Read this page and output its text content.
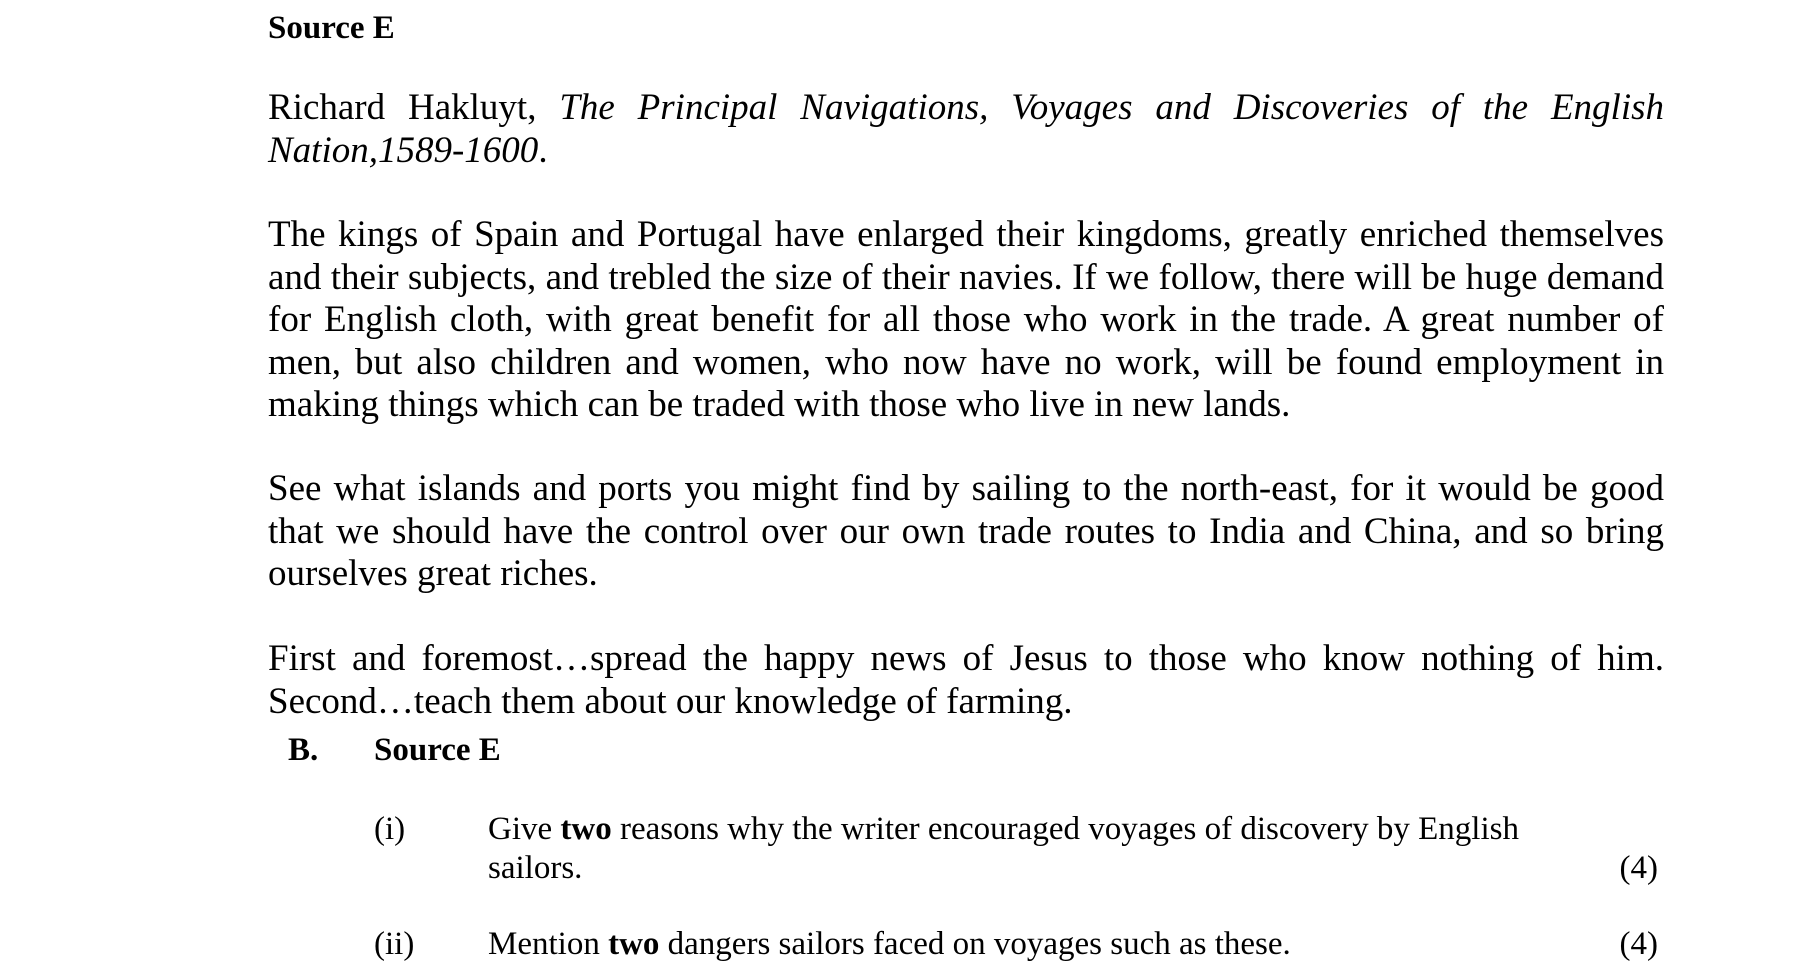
Source E
Richard Hakluyt, The Principal Navigations, Voyages and Discoveries of the English Nation,1589-1600.
The kings of Spain and Portugal have enlarged their kingdoms, greatly enriched themselves and their subjects, and trebled the size of their navies. If we follow, there will be huge demand for English cloth, with great benefit for all those who work in the trade. A great number of men, but also children and women, who now have no work, will be found employment in making things which can be traded with those who live in new lands.
See what islands and ports you might find by sailing to the north-east, for it would be good that we should have the control over our own trade routes to India and China, and so bring ourselves great riches.
First and foremost…spread the happy news of Jesus to those who know nothing of him. Second…teach them about our knowledge of farming.
B. Source E
(i)	Give two reasons why the writer encouraged voyages of discovery by English sailors.	(4)
(ii) Mention two dangers sailors faced on voyages such as these.	(4)
